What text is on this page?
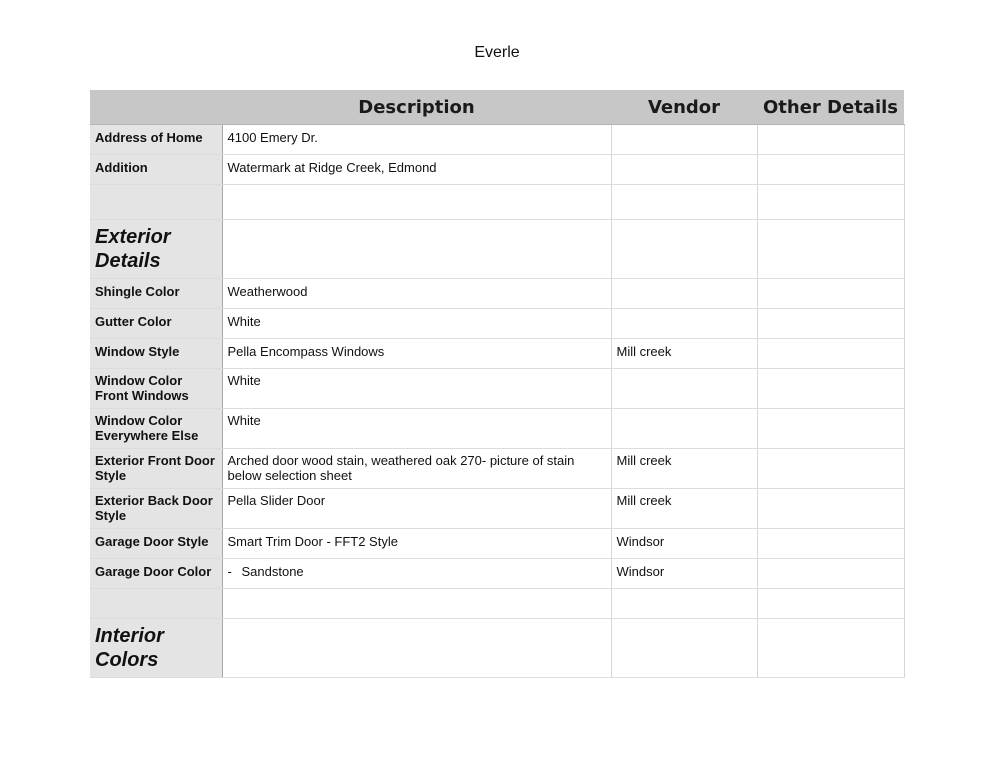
Everle
	Description	Vendor	Other Details
Address of Home	4100 Emery Dr.		
Addition	Watermark at Ridge Creek, Edmond		

Exterior Details			
Shingle Color	Weatherwood		
Gutter Color	White		
Window Style	Pella Encompass Windows	Mill creek	
Window Color Front Windows	White		
Window Color Everywhere Else	White		
Exterior Front Door Style	Arched door wood stain, weathered oak 270- picture of stain below selection sheet	Mill creek	
Exterior Back Door Style	Pella Slider Door	Mill creek	
Garage Door Style	Smart Trim Door - FFT2 Style	Windsor	
Garage Door Color	- Sandstone	Windsor	

Interior Colors			
